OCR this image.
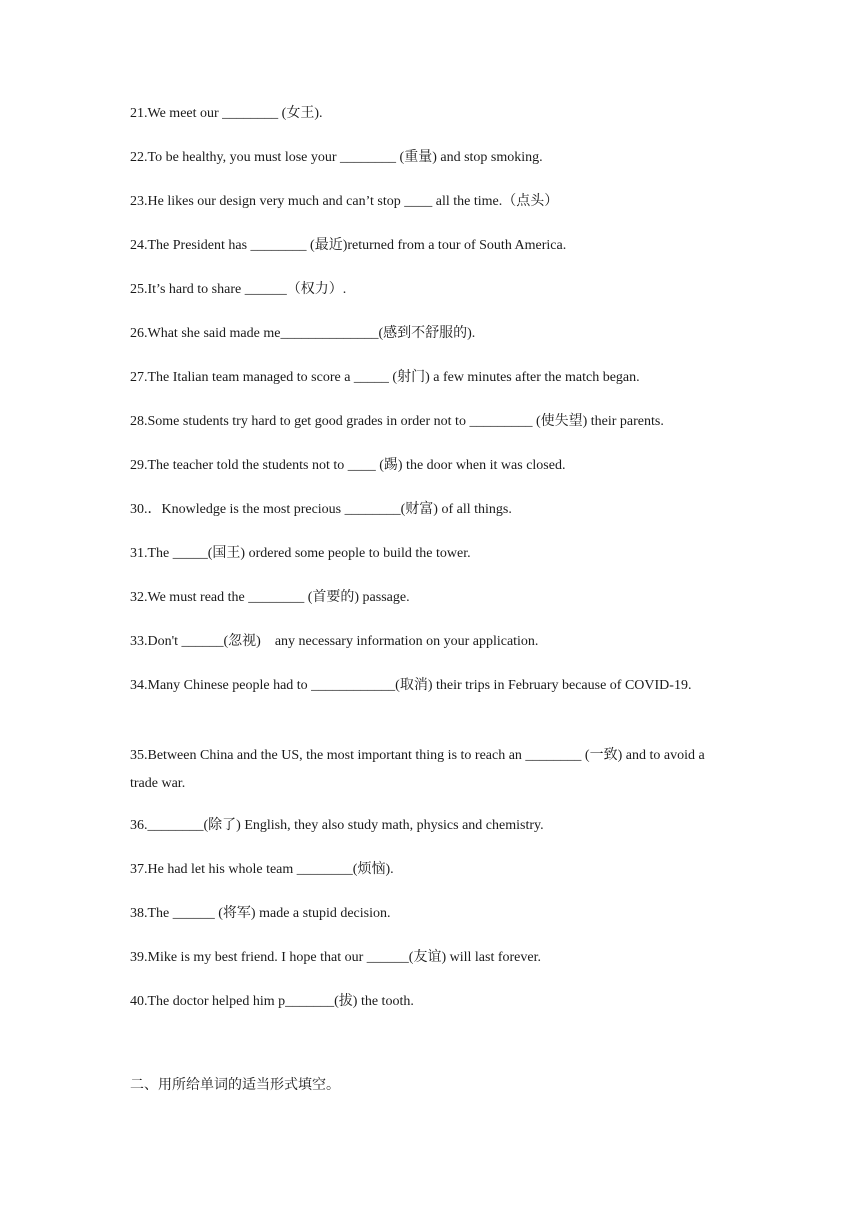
21.We meet our ________ (女王).
22.To be healthy, you must lose your ________ (重量) and stop smoking.
23.He likes our design very much and can’t stop ____ all the time.（点头）
24.The President has ________ (最近)returned from a tour of South America.
25.It’s hard to share ______（权力）.
26.What she said made me______________(感到不舒服的).
27.The Italian team managed to score a _____ (射门) a few minutes after the match began.
28.Some students try hard to get good grades in order not to _________ (使失望) their parents.
29.The teacher told the students not to ____ (踢) the door when it was closed.
30.．Knowledge is the most precious ________(财富) of all things.
31.The _____(国王) ordered some people to build the tower.
32.We must read the ________ (首要的) passage.
33.Don't ______(忽视)　any necessary information on your application.
34.Many Chinese people had to ____________(取消) their trips in February because of COVID-19.
35.Between China and the US, the most important thing is to reach an ________ (一致) and to avoid a trade war.
36.________(除了) English, they also study math, physics and chemistry.
37.He had let his whole team ________(烦恼).
38.The ______ (将军) made a stupid decision.
39.Mike is my best friend. I hope that our ______(友谊) will last forever.
40.The doctor helped him p_______(拔) the tooth.
二、用所给单词的适当形式填空。
